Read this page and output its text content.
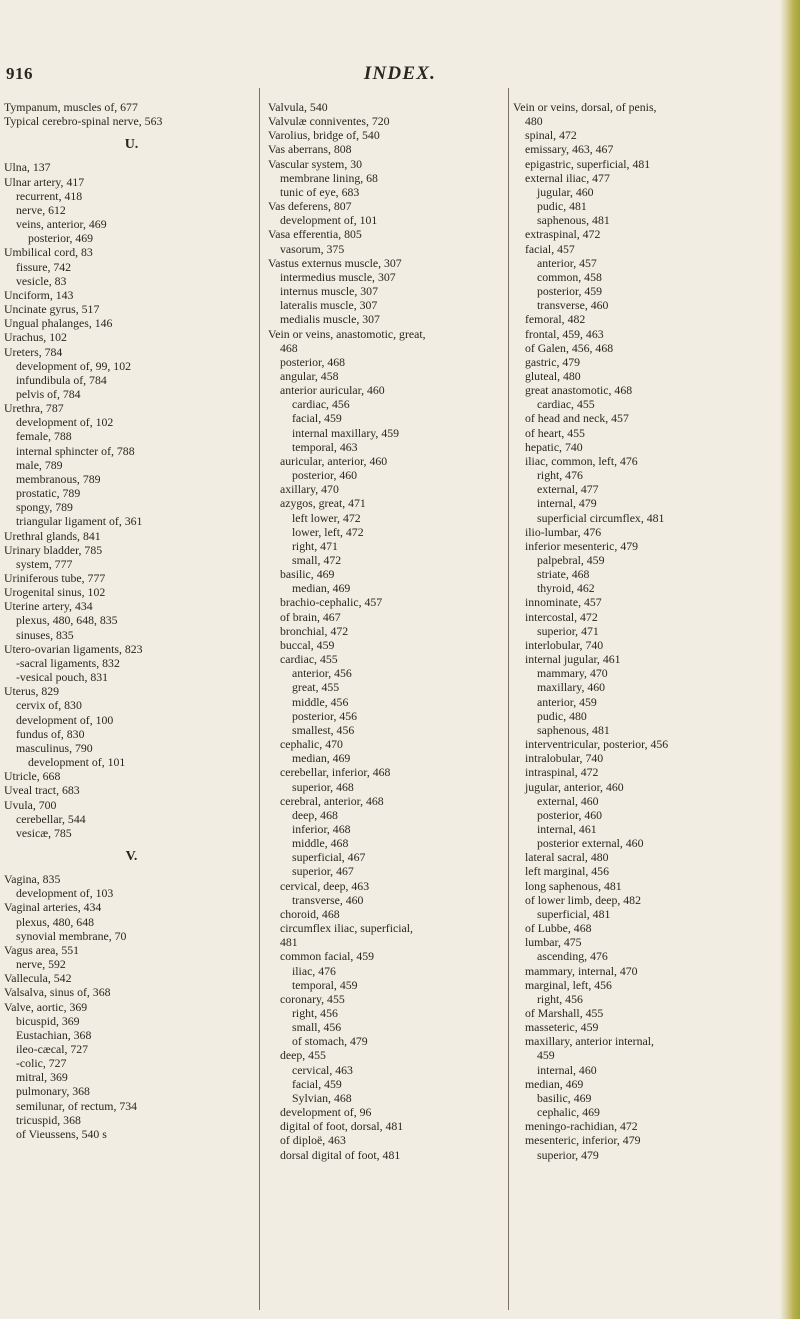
916	INDEX.
Tympanum, muscles of, 677
Typical cerebro-spinal nerve, 563
U.
Ulna, 137
Ulnar artery, 417
recurrent, 418
nerve, 612
veins, anterior, 469
posterior, 469
Umbilical cord, 83
fissure, 742
vesicle, 83
Unciform, 143
Uncinate gyrus, 517
Ungual phalanges, 146
Urachus, 102
Ureters, 784
development of, 99, 102
infundibula of, 784
pelvis of, 784
Urethra, 787
development of, 102
female, 788
internal sphincter of, 788
male, 789
membranous, 789
prostatic, 789
spongy, 789
triangular ligament of, 361
Urethral glands, 841
Urinary bladder, 785
system, 777
Uriniferous tube, 777
Urogenital sinus, 102
Uterine artery, 434
plexus, 480, 648, 835
sinuses, 835
Utero-ovarian ligaments, 823
-sacral ligaments, 832
-vesical pouch, 831
Uterus, 829
cervix of, 830
development of, 100
fundus of, 830
masculinus, 790
development of, 101
Utricle, 668
Uveal tract, 683
Uvula, 700
cerebellar, 544
vesicæ, 785
V.
Vagina, 835
development of, 103
Vaginal arteries, 434
plexus, 480, 648
synovial membrane, 70
Vagus area, 551
nerve, 592
Vallecula, 542
Valsalva, sinus of, 368
Valve, aortic, 369
bicuspid, 369
Eustachian, 368
ileo-cæcal, 727
-colic, 727
mitral, 369
pulmonary, 368
semilunar, of rectum, 734
tricuspid, 368
of Vieussens, 540 s
Valvula, 540
Valvulæ conniventes, 720
Varolius, bridge of, 540
Vas aberrans, 808
Vascular system, 30
membrane lining, 68
tunic of eye, 683
Vas deferens, 807
development of, 101
Vasa efferentia, 805
vasorum, 375
Vastus externus muscle, 307
intermedius muscle, 307
internus muscle, 307
lateralis muscle, 307
medialis muscle, 307
Vein or veins, anastomotic, great,
468
posterior, 468
angular, 458
anterior auricular, 460
cardiac, 456
facial, 459
internal maxillary, 459
temporal, 463
auricular, anterior, 460
posterior, 460
axillary, 470
azygos, great, 471
left lower, 472
lower, left, 472
right, 471
small, 472
basilic, 469
median, 469
brachio-cephalic, 457
of brain, 467
bronchial, 472
buccal, 459
cardiac, 455
anterior, 456
great, 455
middle, 456
posterior, 456
smallest, 456
cephalic, 470
median, 469
cerebellar, inferior, 468
superior, 468
cerebral, anterior, 468
deep, 468
inferior, 468
middle, 468
superficial, 467
superior, 467
cervical, deep, 463
transverse, 460
choroid, 468
circumflex iliac, superficial,
481
common facial, 459
iliac, 476
temporal, 459
coronary, 455
right, 456
small, 456
of stomach, 479
deep, 455
cervical, 463
facial, 459
Sylvian, 468
development of, 96
digital of foot, dorsal, 481
of diploë, 463
dorsal digital of foot, 481
Vein or veins, dorsal, of penis,
480
spinal, 472
emissary, 463, 467
epigastric, superficial, 481
external iliac, 477
jugular, 460
pudic, 481
saphenous, 481
extraspinal, 472
facial, 457
anterior, 457
common, 458
posterior, 459
transverse, 460
femoral, 482
frontal, 459, 463
of Galen, 456, 468
gastric, 479
gluteal, 480
great anastomotic, 468
cardiac, 455
of head and neck, 457
of heart, 455
hepatic, 740
iliac, common, left, 476
right, 476
external, 477
internal, 479
superficial circumflex, 481
ilio-lumbar, 476
inferior mesenteric, 479
palpebral, 459
striate, 468
thyroid, 462
innominate, 457
intercostal, 472
superior, 471
interlobular, 740
internal jugular, 461
mammary, 470
maxillary, 460
anterior, 459
pudic, 480
saphenous, 481
interventricular, posterior, 456
intralobular, 740
intraspinal, 472
jugular, anterior, 460
external, 460
posterior, 460
internal, 461
posterior external, 460
lateral sacral, 480
left marginal, 456
long saphenous, 481
of lower limb, deep, 482
superficial, 481
of Lubbe, 468
lumbar, 475
ascending, 476
mammary, internal, 470
marginal, left, 456
right, 456
of Marshall, 455
masseteric, 459
maxillary, anterior internal,
459
internal, 460
median, 469
basilic, 469
cephalic, 469
meningo-rachidian, 472
mesenteric, inferior, 479
superior, 479
